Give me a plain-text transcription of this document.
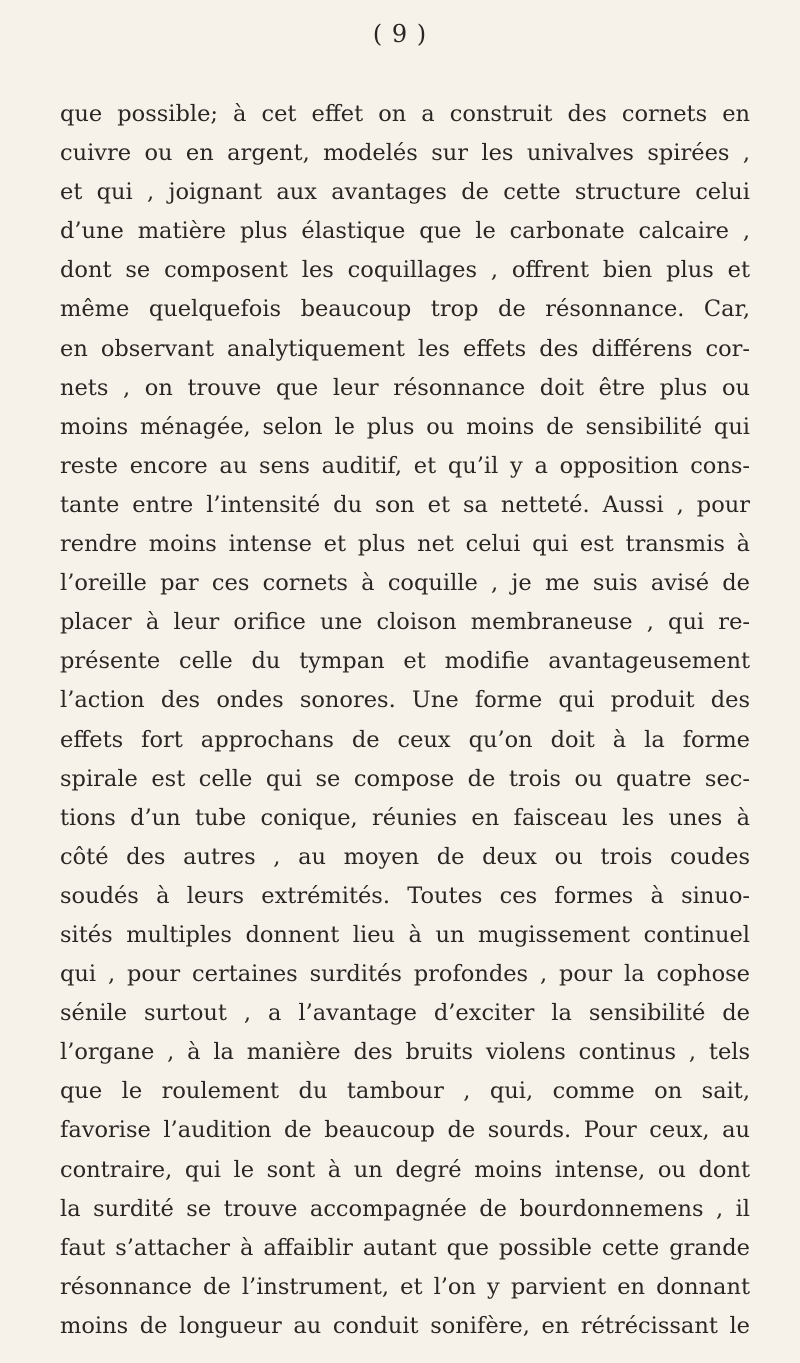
( 9 )
que possible; à cet effet on a construit des cornets en
cuivre ou en argent, modelés sur les univalves spirées ,
et qui , joignant aux avantages de cette structure celui
d’une matière plus élastique que le carbonate calcaire ,
dont se composent les coquillages , offrent bien plus et
même quelquefois beaucoup trop de résonnance. Car,
en observant analytiquement les effets des différens cor-
nets , on trouve que leur résonnance doit être plus ou
moins ménagée, selon le plus ou moins de sensibilité qui
reste encore au sens auditif, et qu’il y a opposition cons-
tante entre l’intensité du son et sa netteté. Aussi , pour
rendre moins intense et plus net celui qui est transmis à
l’oreille par ces cornets à coquille , je me suis avisé de
placer à leur orifice une cloison membraneuse , qui re-
présente celle du tympan et modifie avantageusement
l’action des ondes sonores. Une forme qui produit des
effets fort approchans de ceux qu’on doit à la forme
spirale est celle qui se compose de trois ou quatre sec-
tions d’un tube conique, réunies en faisceau les unes à
côté des autres , au moyen de deux ou trois coudes
soudés à leurs extrémités. Toutes ces formes à sinuo-
sités multiples donnent lieu à un mugissement continuel
qui , pour certaines surdités profondes , pour la cophose
sénile surtout , a l’avantage d’exciter la sensibilité de
l’organe , à la manière des bruits violens continus , tels
que le roulement du tambour , qui, comme on sait,
favorise l’audition de beaucoup de sourds. Pour ceux, au
contraire, qui le sont à un degré moins intense, ou dont
la surdité se trouve accompagnée de bourdonnemens , il
faut s’attacher à affaiblir autant que possible cette grande
résonnance de l’instrument, et l’on y parvient en donnant
moins de longueur au conduit sonifère, en rétrécissant le
